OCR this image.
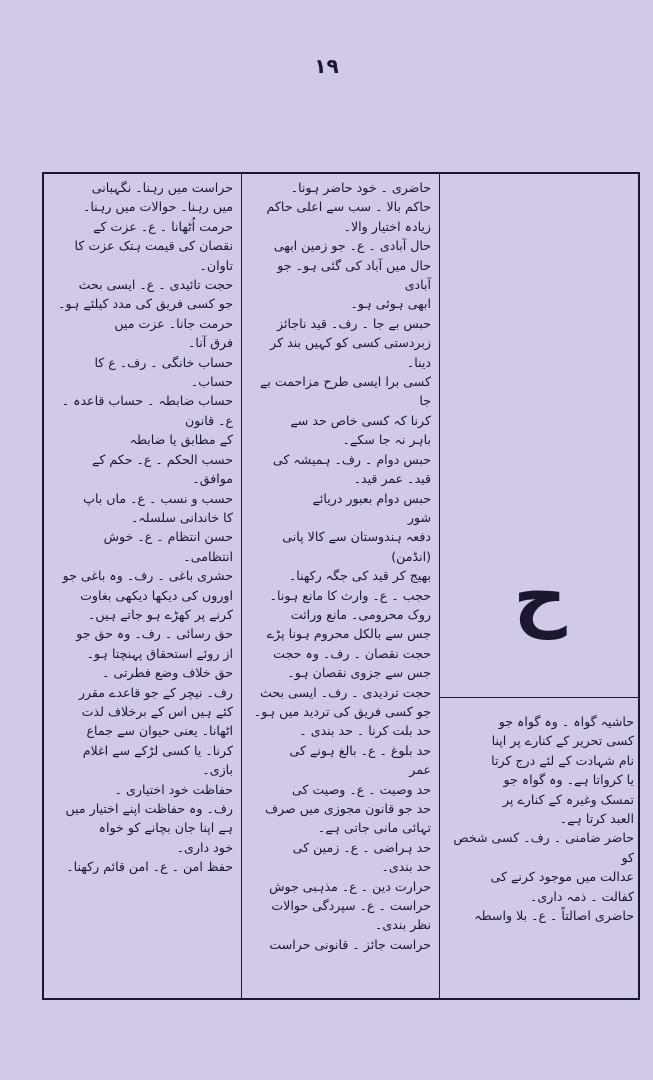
١٩

حراست میں رہنا۔ نگہبانی

میں رہنا۔ حوالات میں رہنا۔

حرمت اُٹھانا ۔ ع۔ عزت کے

نقصان کی قیمت ہتک عزت کا

تاوان۔

حجت تائیدی ۔ ع۔ ایسی بحث

جو کسی فریق کی مدد کیلئے ہو۔

حرمت جانا۔ عزت میں

فرق آنا۔

حساب خانگی ۔ رف۔ ع کا

حساب۔

حساب ضابطہ ۔ حساب قاعدہ ۔ ع۔ قانون

کے مطابق یا ضابطہ

حسب الحکم ۔ ع۔ حکم کے

موافق۔

حسب و نسب ۔ ع۔ ماں باپ

کا خاندانی سلسلہ۔

حسن انتظام ۔ ع۔ خوش

انتظامی۔

حشری باغی ۔ رف۔ وہ باغی جو

اوروں کی دیکھا دیکھی بغاوت

کرنے پر کھڑے ہو جاتے ہیں۔

حق رسائی ۔ رف۔ وہ حق جو

از روئے استحقاق پہنچتا ہو۔

حق خلاف وضع فطرتی ۔

رف۔ نیچر کے جو قاعدے مقرر

کئے ہیں اس کے برخلاف لذت

اٹھانا۔ یعنی حیوان سے جماع

کرنا۔ یا کسی لڑکے سے اغلام

بازی۔

حفاظت خود اختیاری ۔

رف۔ وہ حفاظت اپنے اختیار میں

ہے اپنا جان بچانے کو خواہ

خود داری۔

حفظ امن ۔ ع۔ امن قائم رکھنا۔

حاضری ۔ خود حاضر ہونا۔

حاکم بالا ۔ سب سے اعلی حاکم

زیادہ اختیار والا۔

حال آبادی ۔ ع۔ جو زمین ابھی

حال میں آباد کی گئی ہو۔ جو آبادی

ابھی ہوئی ہو۔

حبس بے جا ۔ رف۔ قید ناجائز

زبردستی کسی کو کہیں بند کر دینا۔

کسی برا ایسی طرح مزاحمت بے جا

کرنا کہ کسی خاص حد سے

باہر نہ جا سکے۔

حبس دوام ۔ رف۔ ہمیشہ کی

قید۔ عمر قید۔

حبس دوام بعبور دریائے

شور

دفعہ ہندوستان سے کالا پانی (انڈمن)

بھیج کر قید کی جگہ رکھنا۔

حجب ۔ ع۔ وارث کا مانع ہونا۔

روک محرومی۔ مانع وراثت

جس سے بالکل محروم ہونا پڑے

حجت نقصان ۔ رف۔ وہ حجت

جس سے جزوی نقصان ہو۔

حجت تردیدی ۔ رف۔ ایسی بحث

جو کسی فریق کی تردید میں ہو۔

حد بلت کرنا ۔ حد بندی ۔

حد بلوغ ۔ ع۔ بالغ ہونے کی

عمر

حد وصیت ۔ ع۔ وصیت کی

حد جو قانون مجوزی میں صرف

تہائی مانی جاتی ہے۔

حد ہراضی ۔ ع۔ زمین کی

حد بندی۔

حرارت دین ۔ ع۔ مذہبی جوش

حراست ۔ ع۔ سپردگی حوالات

نظر بندی۔

حراست جائز ۔ قانونی حراست

ح

حاشیہ گواہ ۔ وہ گواہ جو

کسی تحریر کے کنارے پر اپنا

نام شہادت کے لئے درج کرتا

یا کرواتا ہے۔ وہ گواہ جو

تمسک وغیرہ کے کنارے پر

العبد کرتا ہے۔

حاضر ضامنی ۔ رف۔ کسی شخص کو

عدالت میں موجود کرنے کی

کفالت ۔ ذمہ داری۔

حاضری اصالتاً ۔ ع۔ بلا واسطہ
